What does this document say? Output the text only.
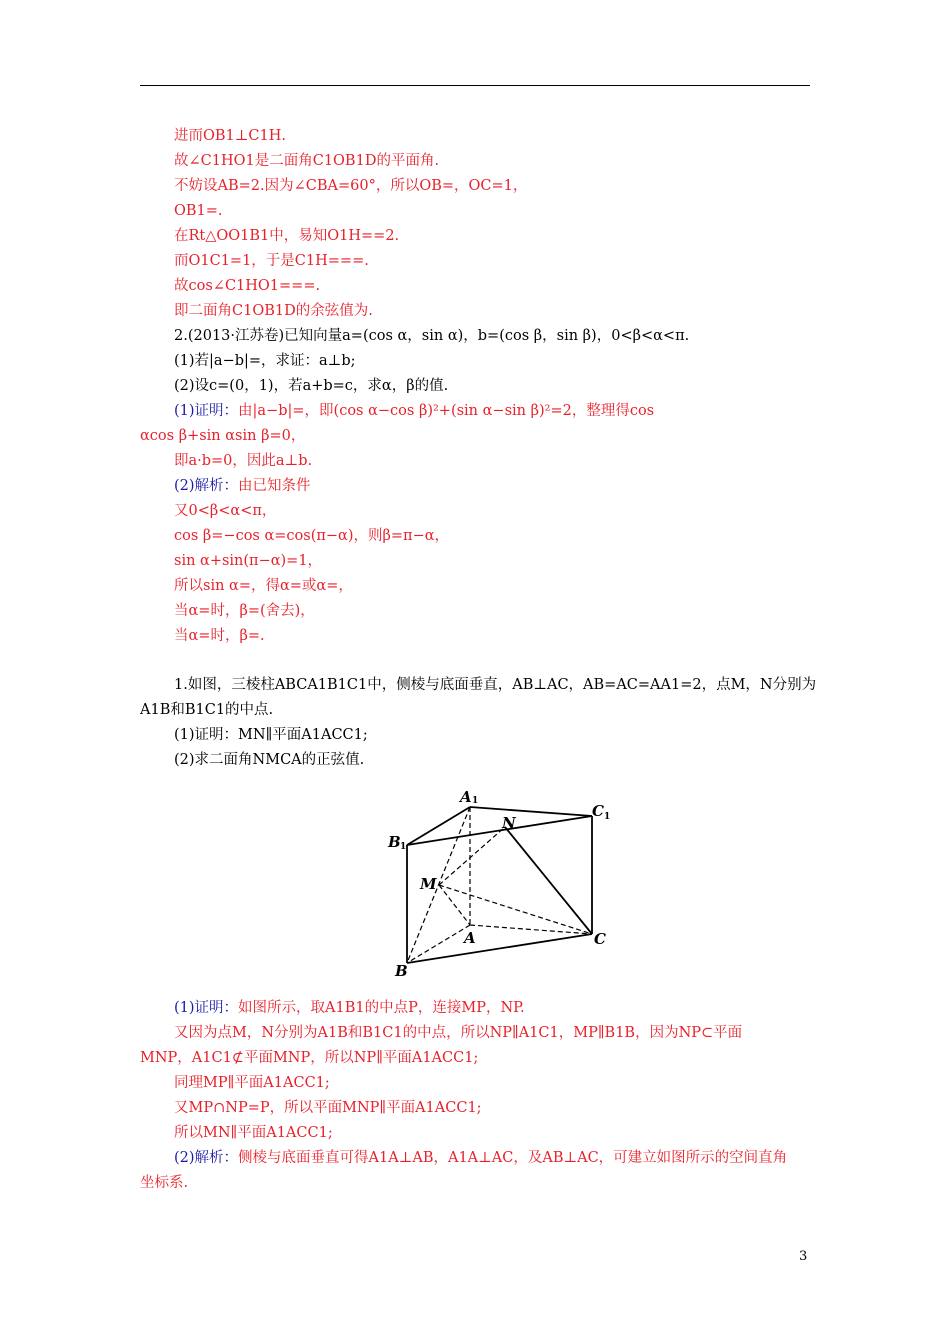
进而OB1⊥C1H.
故∠C1HO1是二面角C1OB1D的平面角.
不妨设AB=2.因为∠CBA=60°，所以OB=，OC=1，
OB1=.
在Rt△OO1B1中，易知O1H==2.
而O1C1=1，于是C1H===.
故cos∠C1HO1===.
即二面角C1OB1D的余弦值为.
2.(2013·江苏卷)已知向量a=(cos α，sin α)，b=(cos β，sin β)，0<β<α<π.
(1)若|a−b|=，求证：a⊥b;
(2)设c=(0，1)，若a+b=c，求α，β的值.
(1)证明：由|a−b|=，即(cos α−cos β)²+(sin α−sin β)²=2，整理得cos
αcos β+sin αsin β=0，
即a·b=0，因此a⊥b.
(2)解析：由已知条件
又0<β<α<π，
cos β=−cos α=cos(π−α)，则β=π−α，
sin α+sin(π−α)=1，
所以sin α=，得α=或α=，
当α=时，β=(舍去)，
当α=时，β=.
1.如图，三棱柱ABCA1B1C1中，侧棱与底面垂直，AB⊥AC，AB=AC=AA1=2，点M，N分别为
A1B和B1C1的中点.
(1)证明：MN∥平面A1ACC1;
(2)求二面角NMCA的正弦值.
A 1
B 1
C 1
N
M
A
B
C
(1)证明：如图所示，取A1B1的中点P，连接MP，NP.
又因为点M，N分别为A1B和B1C1的中点，所以NP∥A1C1，MP∥B1B，因为NP⊂平面
MNP，A1C1⊄平面MNP，所以NP∥平面A1ACC1;
同理MP∥平面A1ACC1;
又MP∩NP=P，所以平面MNP∥平面A1ACC1;
所以MN∥平面A1ACC1;
(2)解析：侧棱与底面垂直可得A1A⊥AB，A1A⊥AC，及AB⊥AC，可建立如图所示的空间直角
坐标系.
3
